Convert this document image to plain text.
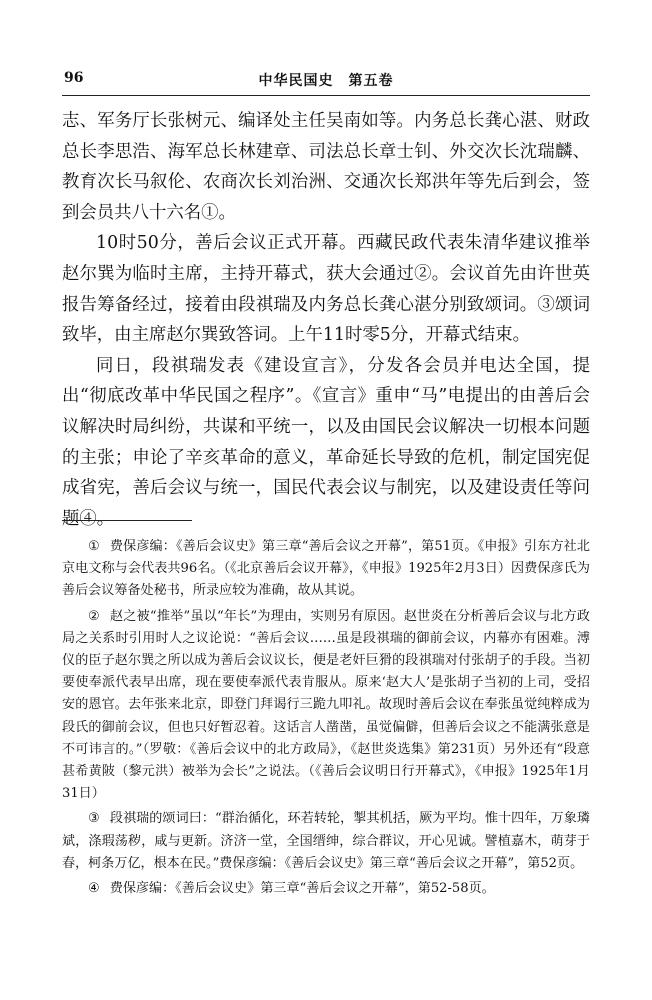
96	中华民国史　第五卷

志、军务厅长张树元、编译处主任吴南如等。内务总长龚心湛、财政总长李思浩、海军总长林建章、司法总长章士钊、外交次长沈瑞麟、教育次长马叙伦、农商次长刘治洲、交通次长郑洪年等先后到会，签到会员共八十六名①。

10时50分，善后会议正式开幕。西藏民政代表朱清华建议推举赵尔巽为临时主席，主持开幕式，获大会通过②。会议首先由许世英报告筹备经过，接着由段祺瑞及内务总长龚心湛分别致颂词。③颂词致毕，由主席赵尔巽致答词。上午11时零5分，开幕式结束。

同日，段祺瑞发表《建设宣言》，分发各会员并电达全国，提出“彻底改革中华民国之程序”。《宣言》重申“马”电提出的由善后会议解决时局纠纷，共谋和平统一，以及由国民会议解决一切根本问题的主张；申论了辛亥革命的意义，革命延长导致的危机，制定国宪促成省宪，善后会议与统一，国民代表会议与制宪，以及建设责任等问题④。

① 费保彦编：《善后会议史》第三章“善后会议之开幕”，第51页。《申报》引东方社北京电文称与会代表共96名。（《北京善后会议开幕》，《申报》1925年2月3日）因费保彦氏为善后会议筹备处秘书，所录应较为准确，故从其说。

② 赵之被“推举”虽以“年长”为理由，实则另有原因。赵世炎在分析善后会议与北方政局之关系时引用时人之议论说：“善后会议……虽是段祺瑞的御前会议，内幕亦有困难。溥仪的臣子赵尔巽之所以成为善后会议议长，便是老奸巨猾的段祺瑞对付张胡子的手段。当初要使奉派代表早出席，现在要使奉派代表肯服从。原来‘赵大人’是张胡子当初的上司，受招安的恩官。去年张来北京，即登门拜谒行三跪九叩礼。故现时善后会议在奉张虽觉纯粹成为段氏的御前会议，但也只好暂忍着。这话言人凿凿，虽觉偏僻，但善后会议之不能满张意是不可讳言的。”（罗敬：《善后会议中的北方政局》，《赵世炎选集》第231页）另外还有“段意甚希黄陂（黎元洪）被举为会长”之说法。（《善后会议明日行开幕式》，《申报》1925年1月31日）

③ 段祺瑞的颂词曰：“群治循化，环若转轮，掣其机括，厥为平均。惟十四年，万象璘斌，涤瑕荡秽，咸与更新。济济一堂，全国缙绅，综合群议，开心见诚。譬植嘉木，萌芽于春，柯条万亿，根本在民。”费保彦编：《善后会议史》第三章“善后会议之开幕”，第52页。

④ 费保彦编：《善后会议史》第三章“善后会议之开幕”，第52-58页。
